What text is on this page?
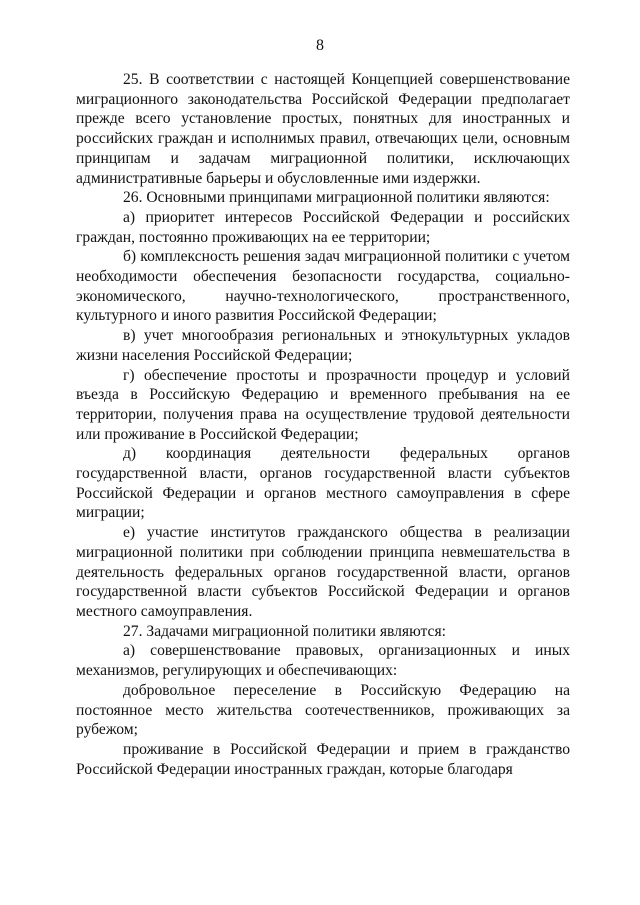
8

25. В соответствии с настоящей Концепцией совершенствование миграционного законодательства Российской Федерации предполагает прежде всего установление простых, понятных для иностранных и российских граждан и исполнимых правил, отвечающих цели, основным принципам и задачам миграционной политики, исключающих административные барьеры и обусловленные ими издержки.

26. Основными принципами миграционной политики являются:

а) приоритет интересов Российской Федерации и российских граждан, постоянно проживающих на ее территории;

б) комплексность решения задач миграционной политики с учетом необходимости обеспечения безопасности государства, социально-экономического, научно-технологического, пространственного, культурного и иного развития Российской Федерации;

в) учет многообразия региональных и этнокультурных укладов жизни населения Российской Федерации;

г) обеспечение простоты и прозрачности процедур и условий въезда в Российскую Федерацию и временного пребывания на ее территории, получения права на осуществление трудовой деятельности или проживание в Российской Федерации;

д) координация деятельности федеральных органов государственной власти, органов государственной власти субъектов Российской Федерации и органов местного самоуправления в сфере миграции;

е) участие институтов гражданского общества в реализации миграционной политики при соблюдении принципа невмешательства в деятельность федеральных органов государственной власти, органов государственной власти субъектов Российской Федерации и органов местного самоуправления.

27. Задачами миграционной политики являются:

а) совершенствование правовых, организационных и иных механизмов, регулирующих и обеспечивающих:

добровольное переселение в Российскую Федерацию на постоянное место жительства соотечественников, проживающих за рубежом;

проживание в Российской Федерации и прием в гражданство Российской Федерации иностранных граждан, которые благодаря
